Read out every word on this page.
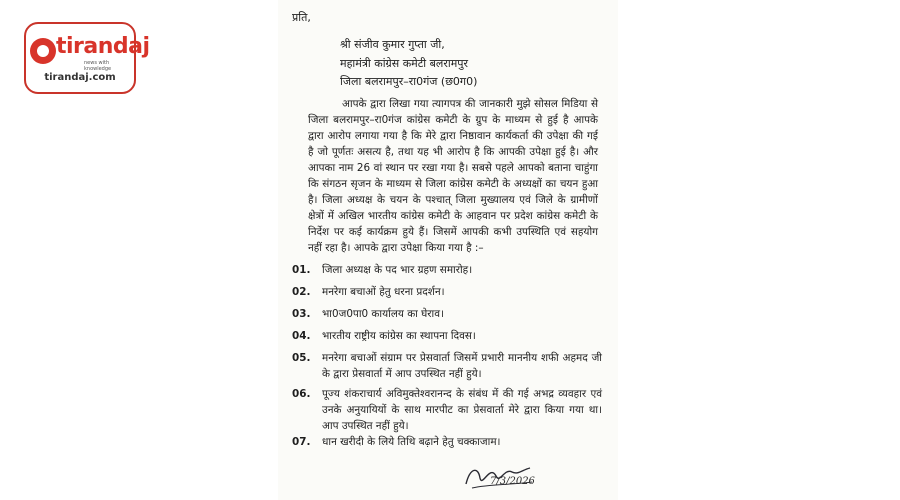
tirandaj
news with knowledge
tirandaj.com
प्रति,
श्री संजीव कुमार गुप्ता जी,
महामंत्री कांग्रेस कमेटी बलरामपुर
जिला बलरामपुर–रा0गंज (छ0ग0)
आपके द्वारा लिखा गया त्यागपत्र की जानकारी मुझे सोसल मिडिया से जिला बलरामपुर–रा0गंज कांग्रेस कमेटी के ग्रुप के माध्यम से हुई है आपके द्वारा आरोप लगाया गया है कि मेरे द्वारा निष्ठावान कार्यकर्ता की उपेक्षा की गई है जो पूर्णतः असत्य है, तथा यह भी आरोप है कि आपकी उपेक्षा हुई है। और आपका नाम 26 वां स्थान पर रखा गया है। सबसे पहले आपको बताना चाहुंगा कि संगठन सृजन के माध्यम से जिला कांग्रेस कमेटी के अध्यक्षों का चयन हुआ है। जिला अध्यक्ष के चयन के पश्चात् जिला मुख्यालय एवं जिले के ग्रामीणों क्षेत्रों में अखिल भारतीय कांग्रेस कमेटी के आहवान पर प्रदेश कांग्रेस कमेटी के निर्देश पर कई कार्यक्रम हुये हैं। जिसमें आपकी कभी उपस्थिति एवं सहयोग नहीं रहा है। आपके द्वारा उपेक्षा किया गया है :–
01.	जिला अध्यक्ष के पद भार ग्रहण समारोह।
02.	मनरेगा बचाओं हेतु धरना प्रदर्शन।
03.	भा0ज0पा0 कार्यालय का घेराव।
04.	भारतीय राष्ट्रीय कांग्रेस का स्थापना दिवस।
05.	मनरेगा बचाओं संग्राम पर प्रेसवार्ता जिसमें प्रभारी माननीय शफी अहमद जी के द्वारा प्रेसवार्ता में आप उपस्थित नहीं हुये।
06.	पूज्य शंकराचार्य अविमुक्तेश्वरानन्द के संबंध में की गई अभद्र व्यवहार एवं उनके अनुयायियों के साथ मारपीट का प्रेसवार्ता मेरे द्वारा किया गया था। आप उपस्थित नहीं हुये।
07.	धान खरीदी के लिये तिथि बढ़ाने हेतु चक्काजाम।
7/3/2026
